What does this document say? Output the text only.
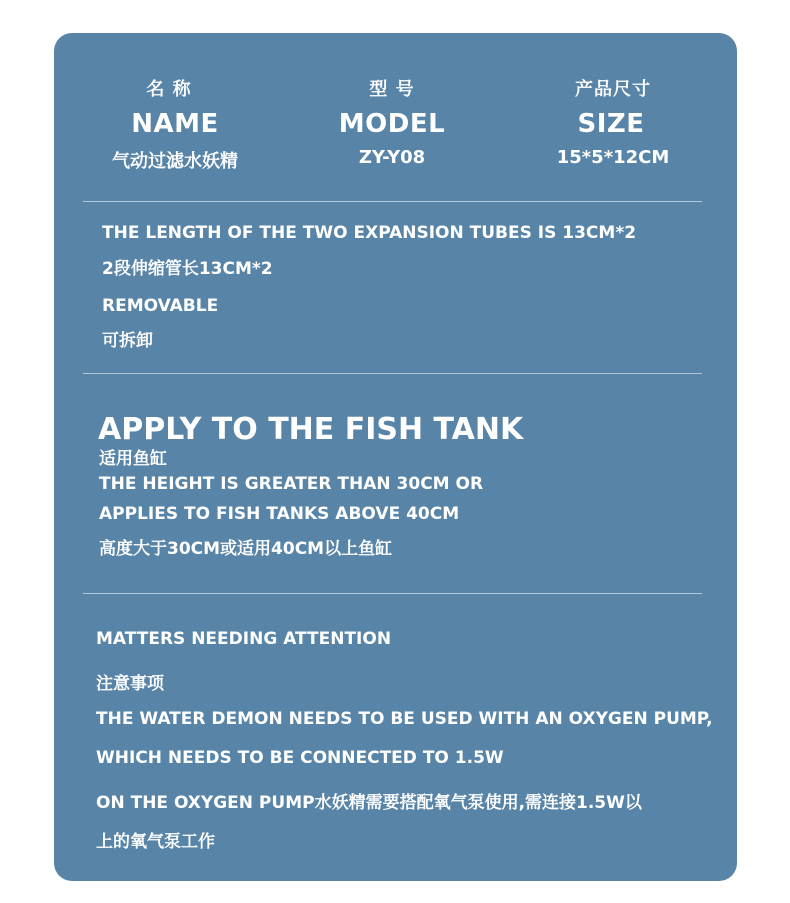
名 称
NAME
气动过滤水妖精
型 号
MODEL
ZY-Y08
产品尺寸
SIZE
15*5*12CM
THE LENGTH OF THE TWO EXPANSION TUBES IS 13CM*2
2段伸缩管长13CM*2
REMOVABLE
可拆卸
APPLY TO THE FISH TANK
适用鱼缸
THE HEIGHT IS GREATER THAN 30CM OR
APPLIES TO FISH TANKS ABOVE 40CM
高度大于30CM或适用40CM以上鱼缸
MATTERS NEEDING ATTENTION
注意事项
THE WATER DEMON NEEDS TO BE USED WITH AN OXYGEN PUMP,
WHICH NEEDS TO BE CONNECTED TO 1.5W
ON THE OXYGEN PUMP水妖精需要搭配氧气泵使用,需连接1.5W以
上的氧气泵工作
